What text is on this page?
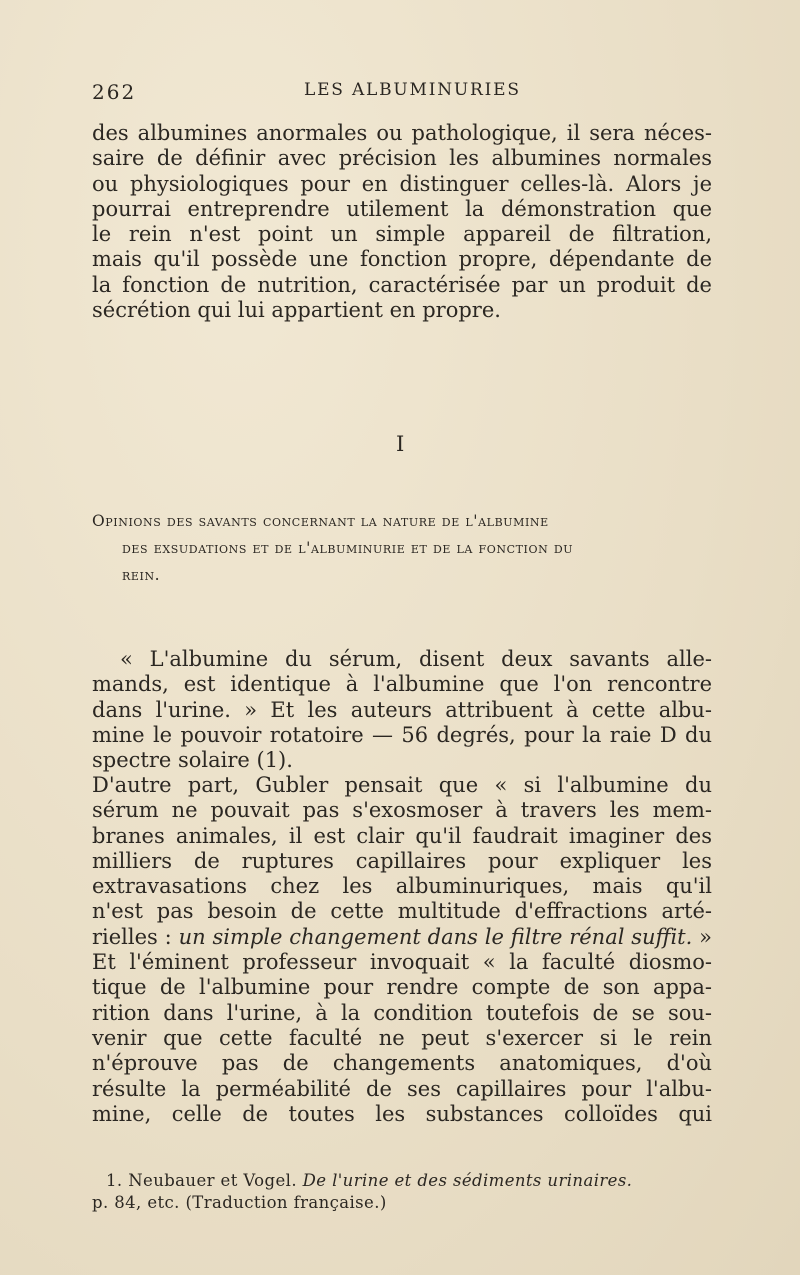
262	LES ALBUMINURIES
des albumines anormales ou pathologique, il sera néces-
saire de définir avec précision les albumines normales
ou physiologiques pour en distinguer celles-là. Alors je
pourrai entreprendre utilement la démonstration que
le rein n'est point un simple appareil de filtration,
mais qu'il possède une fonction propre, dépendante de
la fonction de nutrition, caractérisée par un produit de
sécrétion qui lui appartient en propre.
I
Opinions des savants concernant la nature de l'albumine
des exsudations et de l'albuminurie et de la fonction du
rein.
« L'albumine du sérum, disent deux savants alle-
mands, est identique à l'albumine que l'on rencontre
dans l'urine. » Et les auteurs attribuent à cette albu-
mine le pouvoir rotatoire — 56 degrés, pour la raie D du
spectre solaire (1).
D'autre part, Gubler pensait que « si l'albumine du
sérum ne pouvait pas s'exosmoser à travers les mem-
branes animales, il est clair qu'il faudrait imaginer des
milliers de ruptures capillaires pour expliquer les
extravasations chez les albuminuriques, mais qu'il
n'est pas besoin de cette multitude d'effractions arté-
rielles : un simple changement dans le filtre rénal suffit. »
Et l'éminent professeur invoquait « la faculté diosmo-
tique de l'albumine pour rendre compte de son appa-
rition dans l'urine, à la condition toutefois de se sou-
venir que cette faculté ne peut s'exercer si le rein
n'éprouve pas de changements anatomiques, d'où
résulte la perméabilité de ses capillaires pour l'albu-
mine, celle de toutes les substances colloïdes qui
1. Neubauer et Vogel. De l'urine et des sédiments urinaires.
p. 84, etc. (Traduction française.)
